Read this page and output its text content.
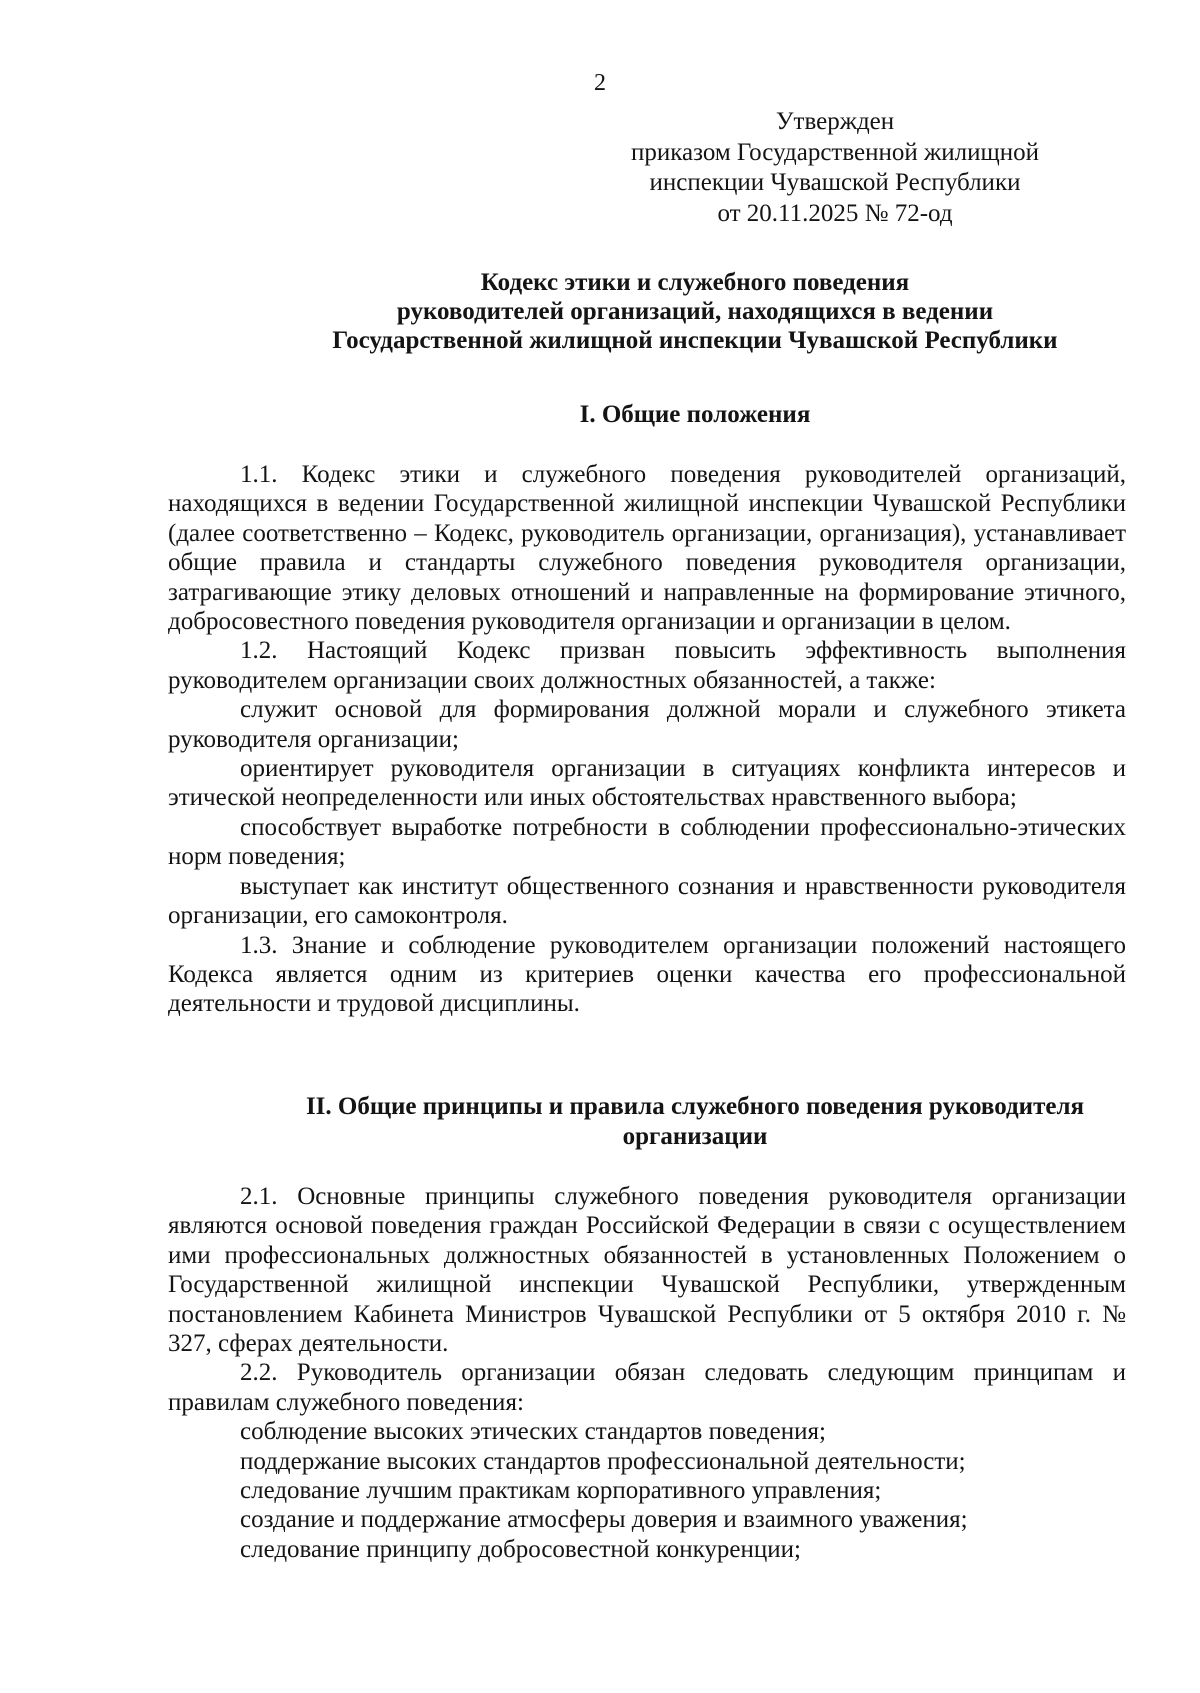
2
Утвержден
приказом Государственной жилищной
инспекции Чувашской Республики
от 20.11.2025 № 72-од
Кодекс этики и служебного поведения
руководителей организаций, находящихся в ведении
Государственной жилищной инспекции Чувашской Республики
I. Общие положения

1.1. Кодекс этики и служебного поведения руководителей организаций, находящихся в ведении Государственной жилищной инспекции Чувашской Республики (далее соответственно – Кодекс, руководитель организации, организация), устанавливает общие правила и стандарты служебного поведения руководителя организации, затрагивающие этику деловых отношений и направленные на формирование этичного, добросовестного поведения руководителя организации и организации в целом.

1.2. Настоящий Кодекс призван повысить эффективность выполнения руководителем организации своих должностных обязанностей, а также:

служит основой для формирования должной морали и служебного этикета руководителя организации;

ориентирует руководителя организации в ситуациях конфликта интересов и этической неопределенности или иных обстоятельствах нравственного выбора;

способствует выработке потребности в соблюдении профессионально-этических норм поведения;

выступает как институт общественного сознания и нравственности руководителя организации, его самоконтроля.

1.3. Знание и соблюдение руководителем организации положений настоящего Кодекса является одним из критериев оценки качества его профессиональной деятельности и трудовой дисциплины.

II. Общие принципы и правила служебного поведения руководителя
организации

2.1. Основные принципы служебного поведения руководителя организации являются основой поведения граждан Российской Федерации в связи с осуществлением ими профессиональных должностных обязанностей в установленных Положением о Государственной жилищной инспекции Чувашской Республики, утвержденным постановлением Кабинета Министров Чувашской Республики от 5 октября 2010 г. № 327, сферах деятельности.

2.2. Руководитель организации обязан следовать следующим принципам и правилам служебного поведения:

соблюдение высоких этических стандартов поведения;

поддержание высоких стандартов профессиональной деятельности;

следование лучшим практикам корпоративного управления;

создание и поддержание атмосферы доверия и взаимного уважения;

следование принципу добросовестной конкуренции;
